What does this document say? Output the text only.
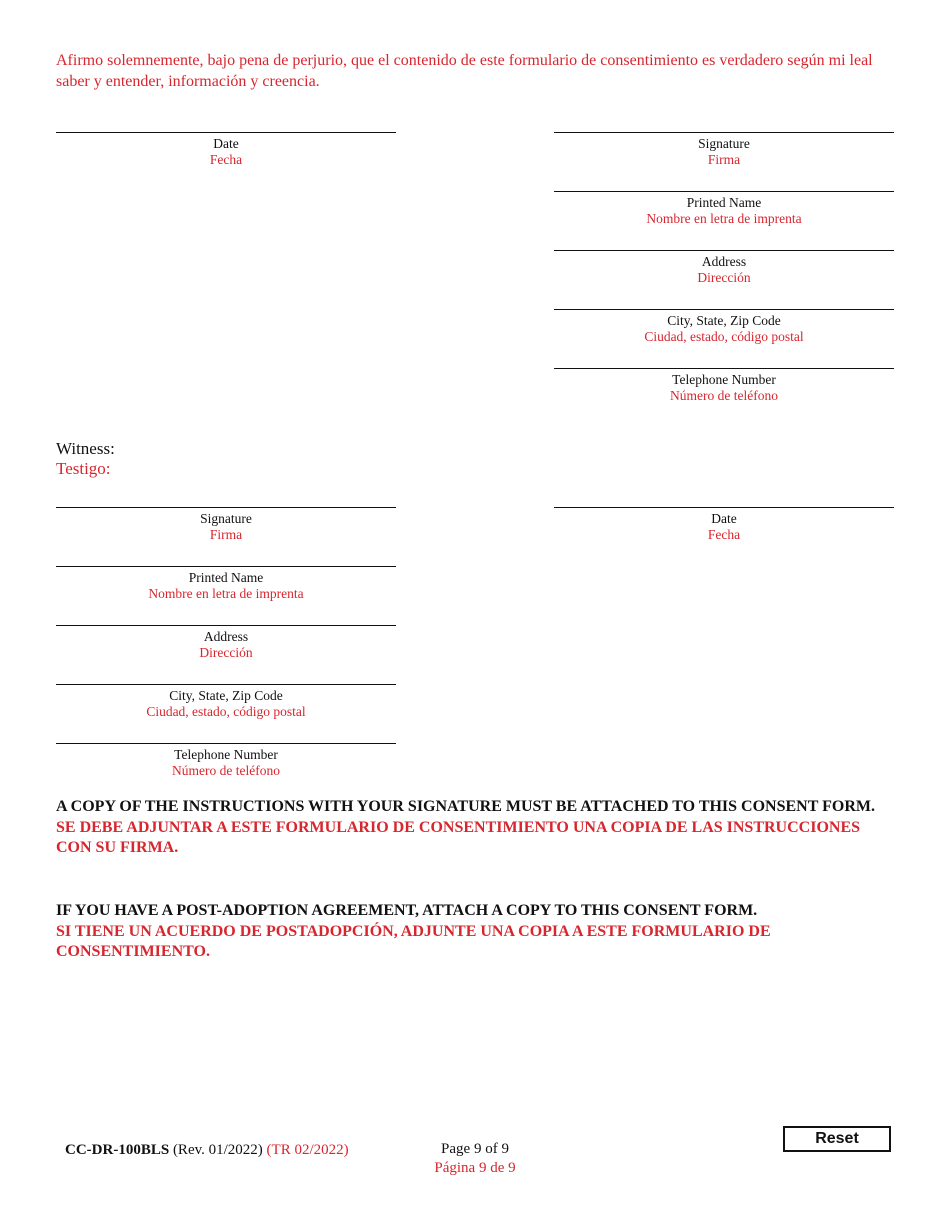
Afirmo solemnemente, bajo pena de perjurio, que el contenido de este formulario de consentimiento es verdadero según mi leal saber y entender, información y creencia.
Date
Fecha
Signature
Firma
Printed Name
Nombre en letra de imprenta
Address
Dirección
City, State, Zip Code
Ciudad, estado, código postal
Telephone Number
Número de teléfono
Witness:
Testigo:
Signature
Firma
Date
Fecha
Printed Name
Nombre en letra de imprenta
Address
Dirección
City, State, Zip Code
Ciudad, estado, código postal
Telephone Number
Número de teléfono
A COPY OF THE INSTRUCTIONS WITH YOUR SIGNATURE MUST BE ATTACHED TO THIS CONSENT FORM.
SE DEBE ADJUNTAR A ESTE FORMULARIO DE CONSENTIMIENTO UNA COPIA DE LAS INSTRUCCIONES CON SU FIRMA.
IF YOU HAVE A POST-ADOPTION AGREEMENT, ATTACH A COPY TO THIS CONSENT FORM.
SI TIENE UN ACUERDO DE POSTADOPCIÓN, ADJUNTE UNA COPIA A ESTE FORMULARIO DE CONSENTIMIENTO.
CC-DR-100BLS (Rev. 01/2022) (TR 02/2022)	Page 9 of 9
Página 9 de 9
Reset
